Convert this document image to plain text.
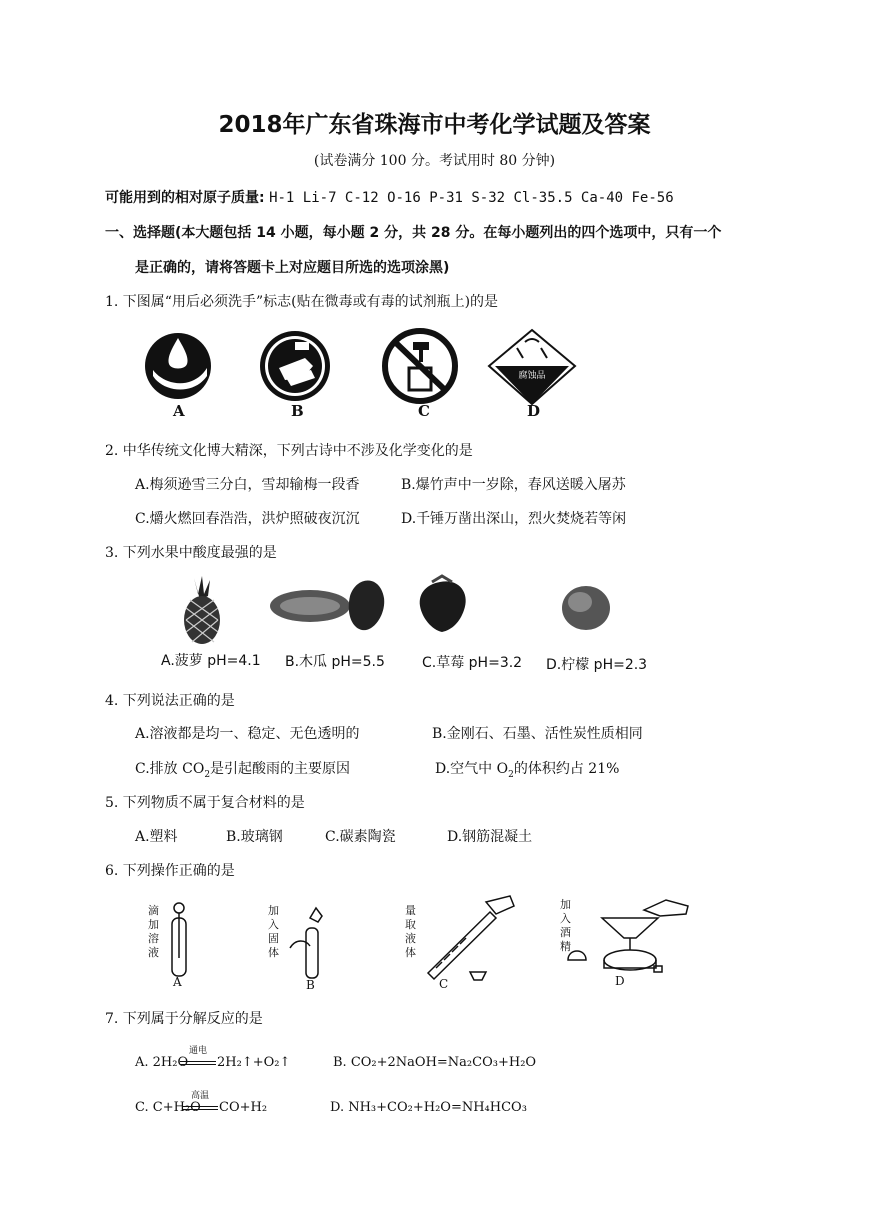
2018年广东省珠海市中考化学试题及答案
(试卷满分 100 分。考试用时 80 分钟)
可能用到的相对原子质量: H-1 Li-7 C-12 O-16 P-31 S-32 Cl-35.5 Ca-40 Fe-56
一、选择题(本大题包括 14 小题，每小题 2 分，共 28 分。在每小题列出的四个选项中，只有一个
是正确的，请将答题卡上对应题目所选的选项涂黑)
1. 下图属“用后必须洗手”标志(贴在微毒或有毒的试剂瓶上)的是
腐蚀品
A	B	C	D
2. 中华传统文化博大精深，下列古诗中不涉及化学变化的是
A.梅须逊雪三分白，雪却输梅一段香	B.爆竹声中一岁除，春风送暖入屠苏
C.爝火燃回春浩浩，洪炉照破夜沉沉	D.千锤万凿出深山，烈火焚烧若等闲
3. 下列水果中酸度最强的是
A.菠萝 pH=4.1 B.木瓜 pH=5.5	C.草莓 pH=3.2 D.柠檬 pH=2.3
4. 下列说法正确的是
A.溶液都是均一、稳定、无色透明的	B.金刚石、石墨、活性炭性质相同
C.排放 $CO_2$是引起酸雨的主要原因	D.空气中 $O_2$的体积约占 21%
5. 下列物质不属于复合材料的是
A.塑料	B.玻璃钢	C.碳素陶瓷	D.钢筋混凝土
6. 下列操作正确的是
滴加溶液
加入固体
量取液体
加入酒精
A	B	C	D
7. 下列属于分解反应的是
A. 2H₂O
通电
2H₂↑+O₂↑	B. CO₂+2NaOH=Na₂CO₃+H₂O
C. C+H₂O
高温
CO+H₂	D. NH₃+CO₂+H₂O=NH₄HCO₃
